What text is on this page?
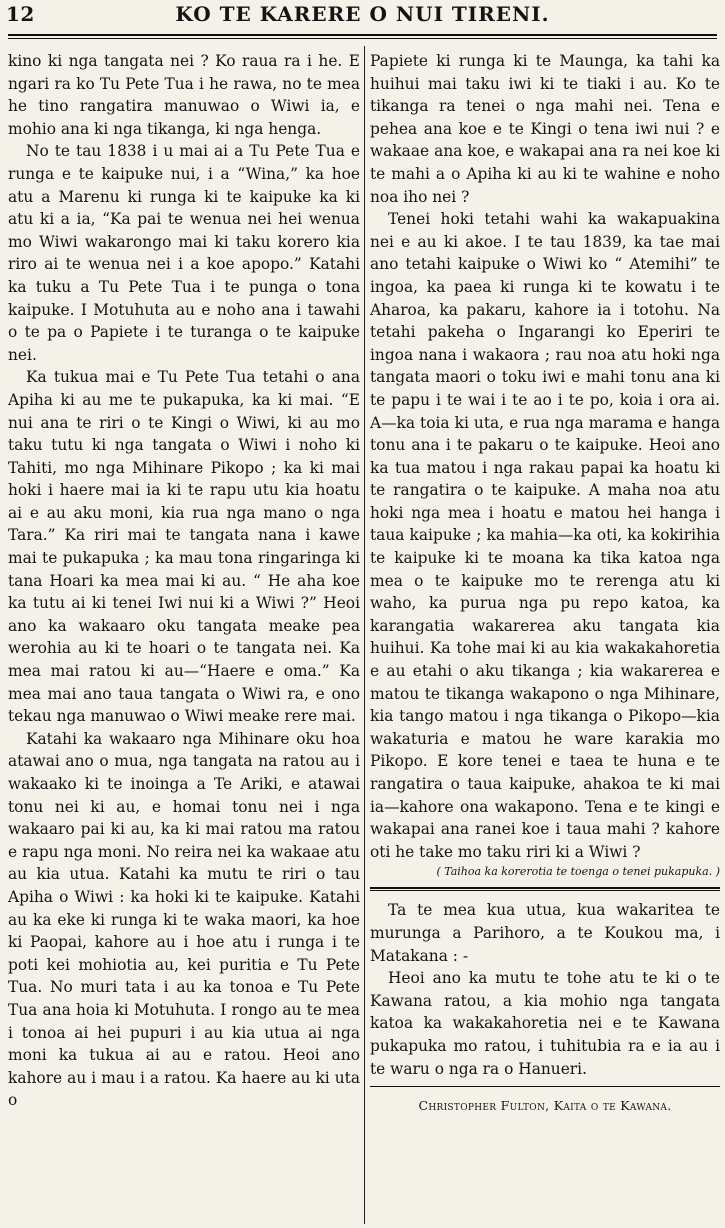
12	KO TE KARERE O NUI TIRENI.

kino ki nga tangata nei ? Ko raua ra i he. E ngari ra ko Tu Pete Tua i he rawa, no te mea he tino rangatira manuwao o Wiwi ia, e mohio ana ki nga tikanga, ki nga henga.

No te tau 1838 i u mai ai a Tu Pete Tua e runga e te kaipuke nui, i a “Wina,” ka hoe atu a Marenu ki runga ki te kaipuke ka ki atu ki a ia, “Ka pai te wenua nei hei wenua mo Wiwi wakarongo mai ki taku korero kia riro ai te wenua nei i a koe apopo.” Katahi ka tuku a Tu Pete Tua i te punga o tona kaipuke. I Motuhuta au e noho ana i tawahi o te pa o Papiete i te turanga o te kaipuke nei.

Ka tukua mai e Tu Pete Tua tetahi o ana Apiha ki au me te pukapuka, ka ki mai. “E nui ana te riri o te Kingi o Wiwi, ki au mo taku tutu ki nga tangata o Wiwi i noho ki Tahiti, mo nga Mihinare Pikopo ; ka ki mai hoki i haere mai ia ki te rapu utu kia hoatu ai e au aku moni, kia rua nga mano o nga Tara.” Ka riri mai te tangata nana i kawe mai te pukapuka ; ka mau tona ringaringa ki tana Hoari ka mea mai ki au. “ He aha koe ka tutu ai ki tenei Iwi nui ki a Wiwi ?” Heoi ano ka wakaaro oku tangata meake pea werohia au ki te hoari o te tangata nei. Ka mea mai ratou ki au—“Haere e oma.” Ka mea mai ano taua tangata o Wiwi ra, e ono tekau nga manuwao o Wiwi meake rere mai.

Katahi ka wakaaro nga Mihinare oku hoa atawai ano o mua, nga tangata na ratou au i wakaako ki te inoinga a Te Ariki, e atawai tonu nei ki au, e homai tonu nei i nga wakaaro pai ki au, ka ki mai ratou ma ratou e rapu nga moni. No reira nei ka wakaae atu au kia utua. Katahi ka mutu te riri o tau Apiha o Wiwi : ka hoki ki te kaipuke. Katahi au ka eke ki runga ki te waka maori, ka hoe ki Paopai, kahore au i hoe atu i runga i te poti kei mohiotia au, kei puritia e Tu Pete Tua. No muri tata i au ka tonoa e Tu Pete Tua ana hoia ki Motuhuta. I rongo au te mea i tonoa ai hei pupuri i au kia utua ai nga moni ka tukua ai au e ratou. Heoi ano kahore au i mau i a ratou. Ka haere au ki uta o

Papiete ki runga ki te Maunga, ka tahi ka huihui mai taku iwi ki te tiaki i au. Ko te tikanga ra tenei o nga mahi nei. Tena e pehea ana koe e te Kingi o tena iwi nui ? e wakaae ana koe, e wakapai ana ra nei koe ki te mahi a o Apiha ki au ki te wahine e noho noa iho nei ?

Tenei hoki tetahi wahi ka wakapuakina nei e au ki akoe. I te tau 1839, ka tae mai ano tetahi kaipuke o Wiwi ko “ Atemihi” te ingoa, ka paea ki runga ki te kowatu i te Aharoa, ka pakaru, kahore ia i totohu. Na tetahi pakeha o Ingarangi ko Eperiri te ingoa nana i wakaora ; rau noa atu hoki nga tangata maori o toku iwi e mahi tonu ana ki te papu i te wai i te ao i te po, koia i ora ai. A—ka toia ki uta, e rua nga marama e hanga tonu ana i te pakaru o te kaipuke. Heoi ano ka tua matou i nga rakau papai ka hoatu ki te rangatira o te kaipuke. A maha noa atu hoki nga mea i hoatu e matou hei hanga i taua kaipuke ; ka mahia—ka oti, ka kokirihia te kaipuke ki te moana ka tika katoa nga mea o te kaipuke mo te rerenga atu ki waho, ka purua nga pu repo katoa, ka karangatia wakarerea aku tangata kia huihui. Ka tohe mai ki au kia wakakahoretia e au etahi o aku tikanga ; kia wakarerea e matou te tikanga wakapono o nga Mihinare, kia tango matou i nga tikanga o Pikopo—kia wakaturia e matou he ware karakia mo Pikopo. E kore tenei e taea te huna e te rangatira o taua kaipuke, ahakoa te ki mai ia—kahore ona wakapono. Tena e te kingi e wakapai ana ranei koe i taua mahi ? kahore oti he take mo taku riri ki a Wiwi ?

( Taihoa ka korerotia te toenga o tenei pukapuka. )

Ta te mea kua utua, kua wakaritea te murunga a Parihoro, a te Koukou ma, i Matakana : -

Heoi ano ka mutu te tohe atu te ki o te Kawana ratou, a kia mohio nga tangata katoa ka wakakahoretia nei e te Kawana pukapuka mo ratou, i tuhitubia ra e ia au i te waru o nga ra o Hanueri.

Christopher Fulton, Kaita o te Kawana.
